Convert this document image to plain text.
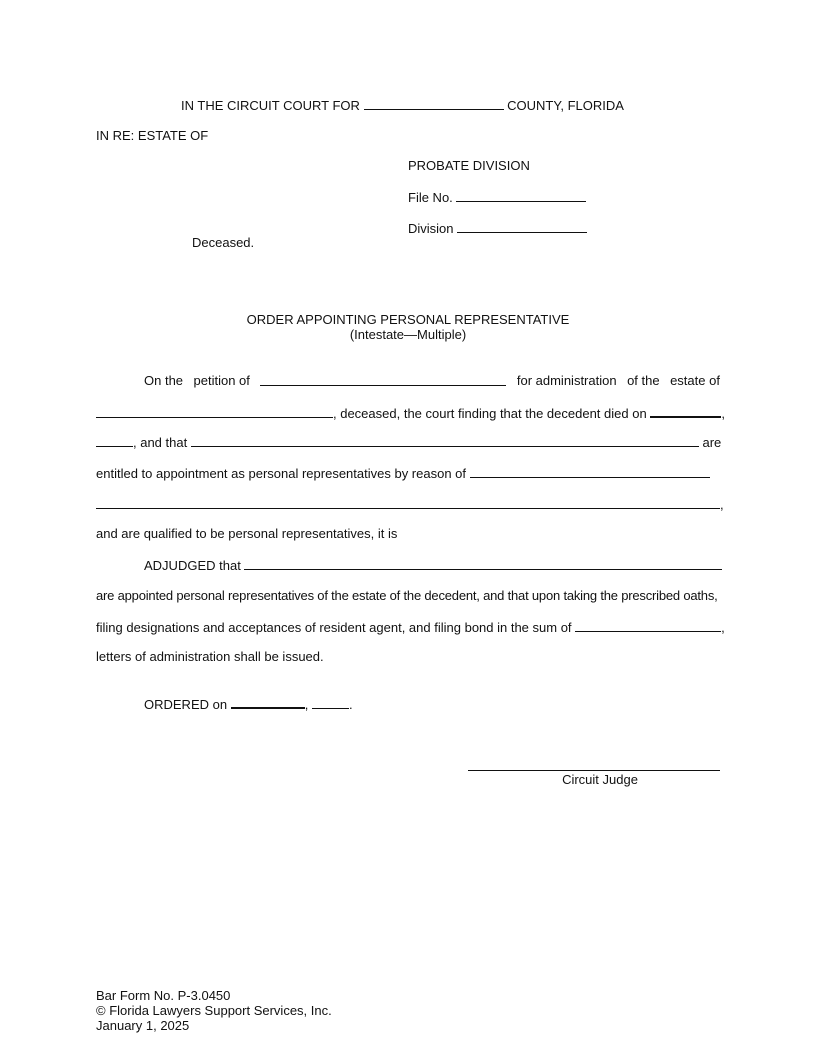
IN THE CIRCUIT COURT FOR	COUNTY, FLORIDA
IN RE: ESTATE OF
PROBATE DIVISION
File No.
Division
Deceased.
ORDER APPOINTING PERSONAL REPRESENTATIVE
(Intestate—Multiple)
On the petition of	for administration of the estate of
, deceased, the court finding that the decedent died on	,
, and that	are
entitled to appointment as personal representatives by reason of
,
and are qualified to be personal representatives, it is
ADJUDGED that
are appointed personal representatives of the estate of the decedent, and that upon taking the prescribed oaths,
filing designations and acceptances of resident agent, and filing bond in the sum of	,
letters of administration shall be issued.
ORDERED on	,	.
Circuit Judge
Bar Form No. P-3.0450
© Florida Lawyers Support Services, Inc.
January 1, 2025
